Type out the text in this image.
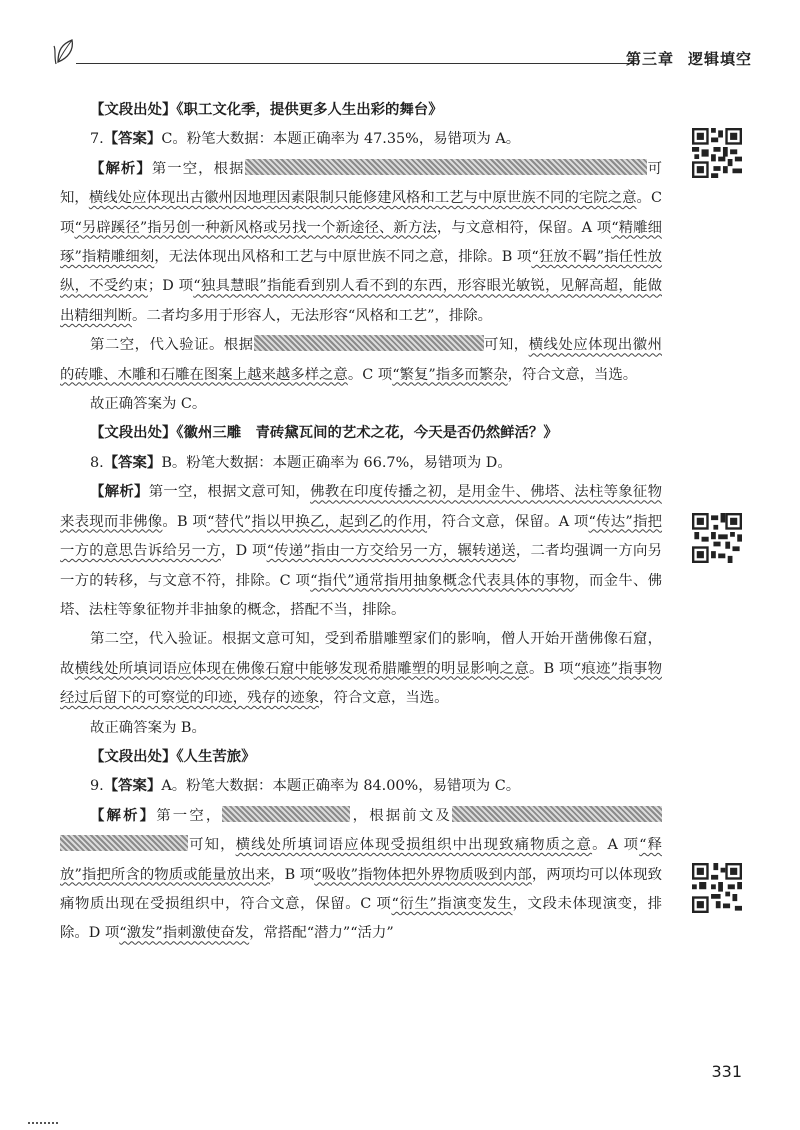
第三章 逻辑填空

【文段出处】《职工文化季，提供更多人生出彩的舞台》

7.【答案】C。粉笔大数据：本题正确率为 47.35%，易错项为 A。

【解析】第一空，根据	可知，横线处应体现出古徽州因地理因素限制只能修建风格和工艺与中原世族不同的宅院之意。C 项“另辟蹊径”指另创一种新风格或另找一个新途径、新方法，与文意相符，保留。A 项“精雕细琢”指精雕细刻，无法体现出风格和工艺与中原世族不同之意，排除。B 项“狂放不羁”指任性放纵，不受约束；D 项“独具慧眼”指能看到别人看不到的东西，形容眼光敏锐，见解高超，能做出精细判断。二者均多用于形容人，无法形容“风格和工艺”，排除。

第二空，代入验证。根据	可知，横线处应体现出徽州的砖雕、木雕和石雕在图案上越来越多样之意。C 项“繁复”指多而繁杂，符合文意，当选。

故正确答案为 C。

【文段出处】《徽州三雕　青砖黛瓦间的艺术之花，今天是否仍然鲜活？》

8.【答案】B。粉笔大数据：本题正确率为 66.7%，易错项为 D。

【解析】第一空，根据文意可知，佛教在印度传播之初，是用金牛、佛塔、法柱等象征物来表现而非佛像。B 项“替代”指以甲换乙，起到乙的作用，符合文意，保留。A 项“传达”指把一方的意思告诉给另一方，D 项“传递”指由一方交给另一方，辗转递送，二者均强调一方向另一方的转移，与文意不符，排除。C 项“指代”通常指用抽象概念代表具体的事物，而金牛、佛塔、法柱等象征物并非抽象的概念，搭配不当，排除。

第二空，代入验证。根据文意可知，受到希腊雕塑家们的影响，僧人开始开凿佛像石窟，故横线处所填词语应体现在佛像石窟中能够发现希腊雕塑的明显影响之意。B 项“痕迹”指事物经过后留下的可察觉的印迹，残存的迹象，符合文意，当选。

故正确答案为 B。

【文段出处】《人生苦旅》

9.【答案】A。粉笔大数据：本题正确率为 84.00%，易错项为 C。

【解析】第一空，	，根据前文及可知，横线处所填词语应体现受损组织中出现致痛物质之意。A 项“释放”指把所含的物质或能量放出来，B 项“吸收”指物体把外界物质吸到内部，两项均可以体现致痛物质出现在受损组织中，符合文意，保留。C 项“衍生”指演变发生，文段未体现演变，排除。D 项“激发”指刺激使奋发，常搭配“潜力”“活力”

331
